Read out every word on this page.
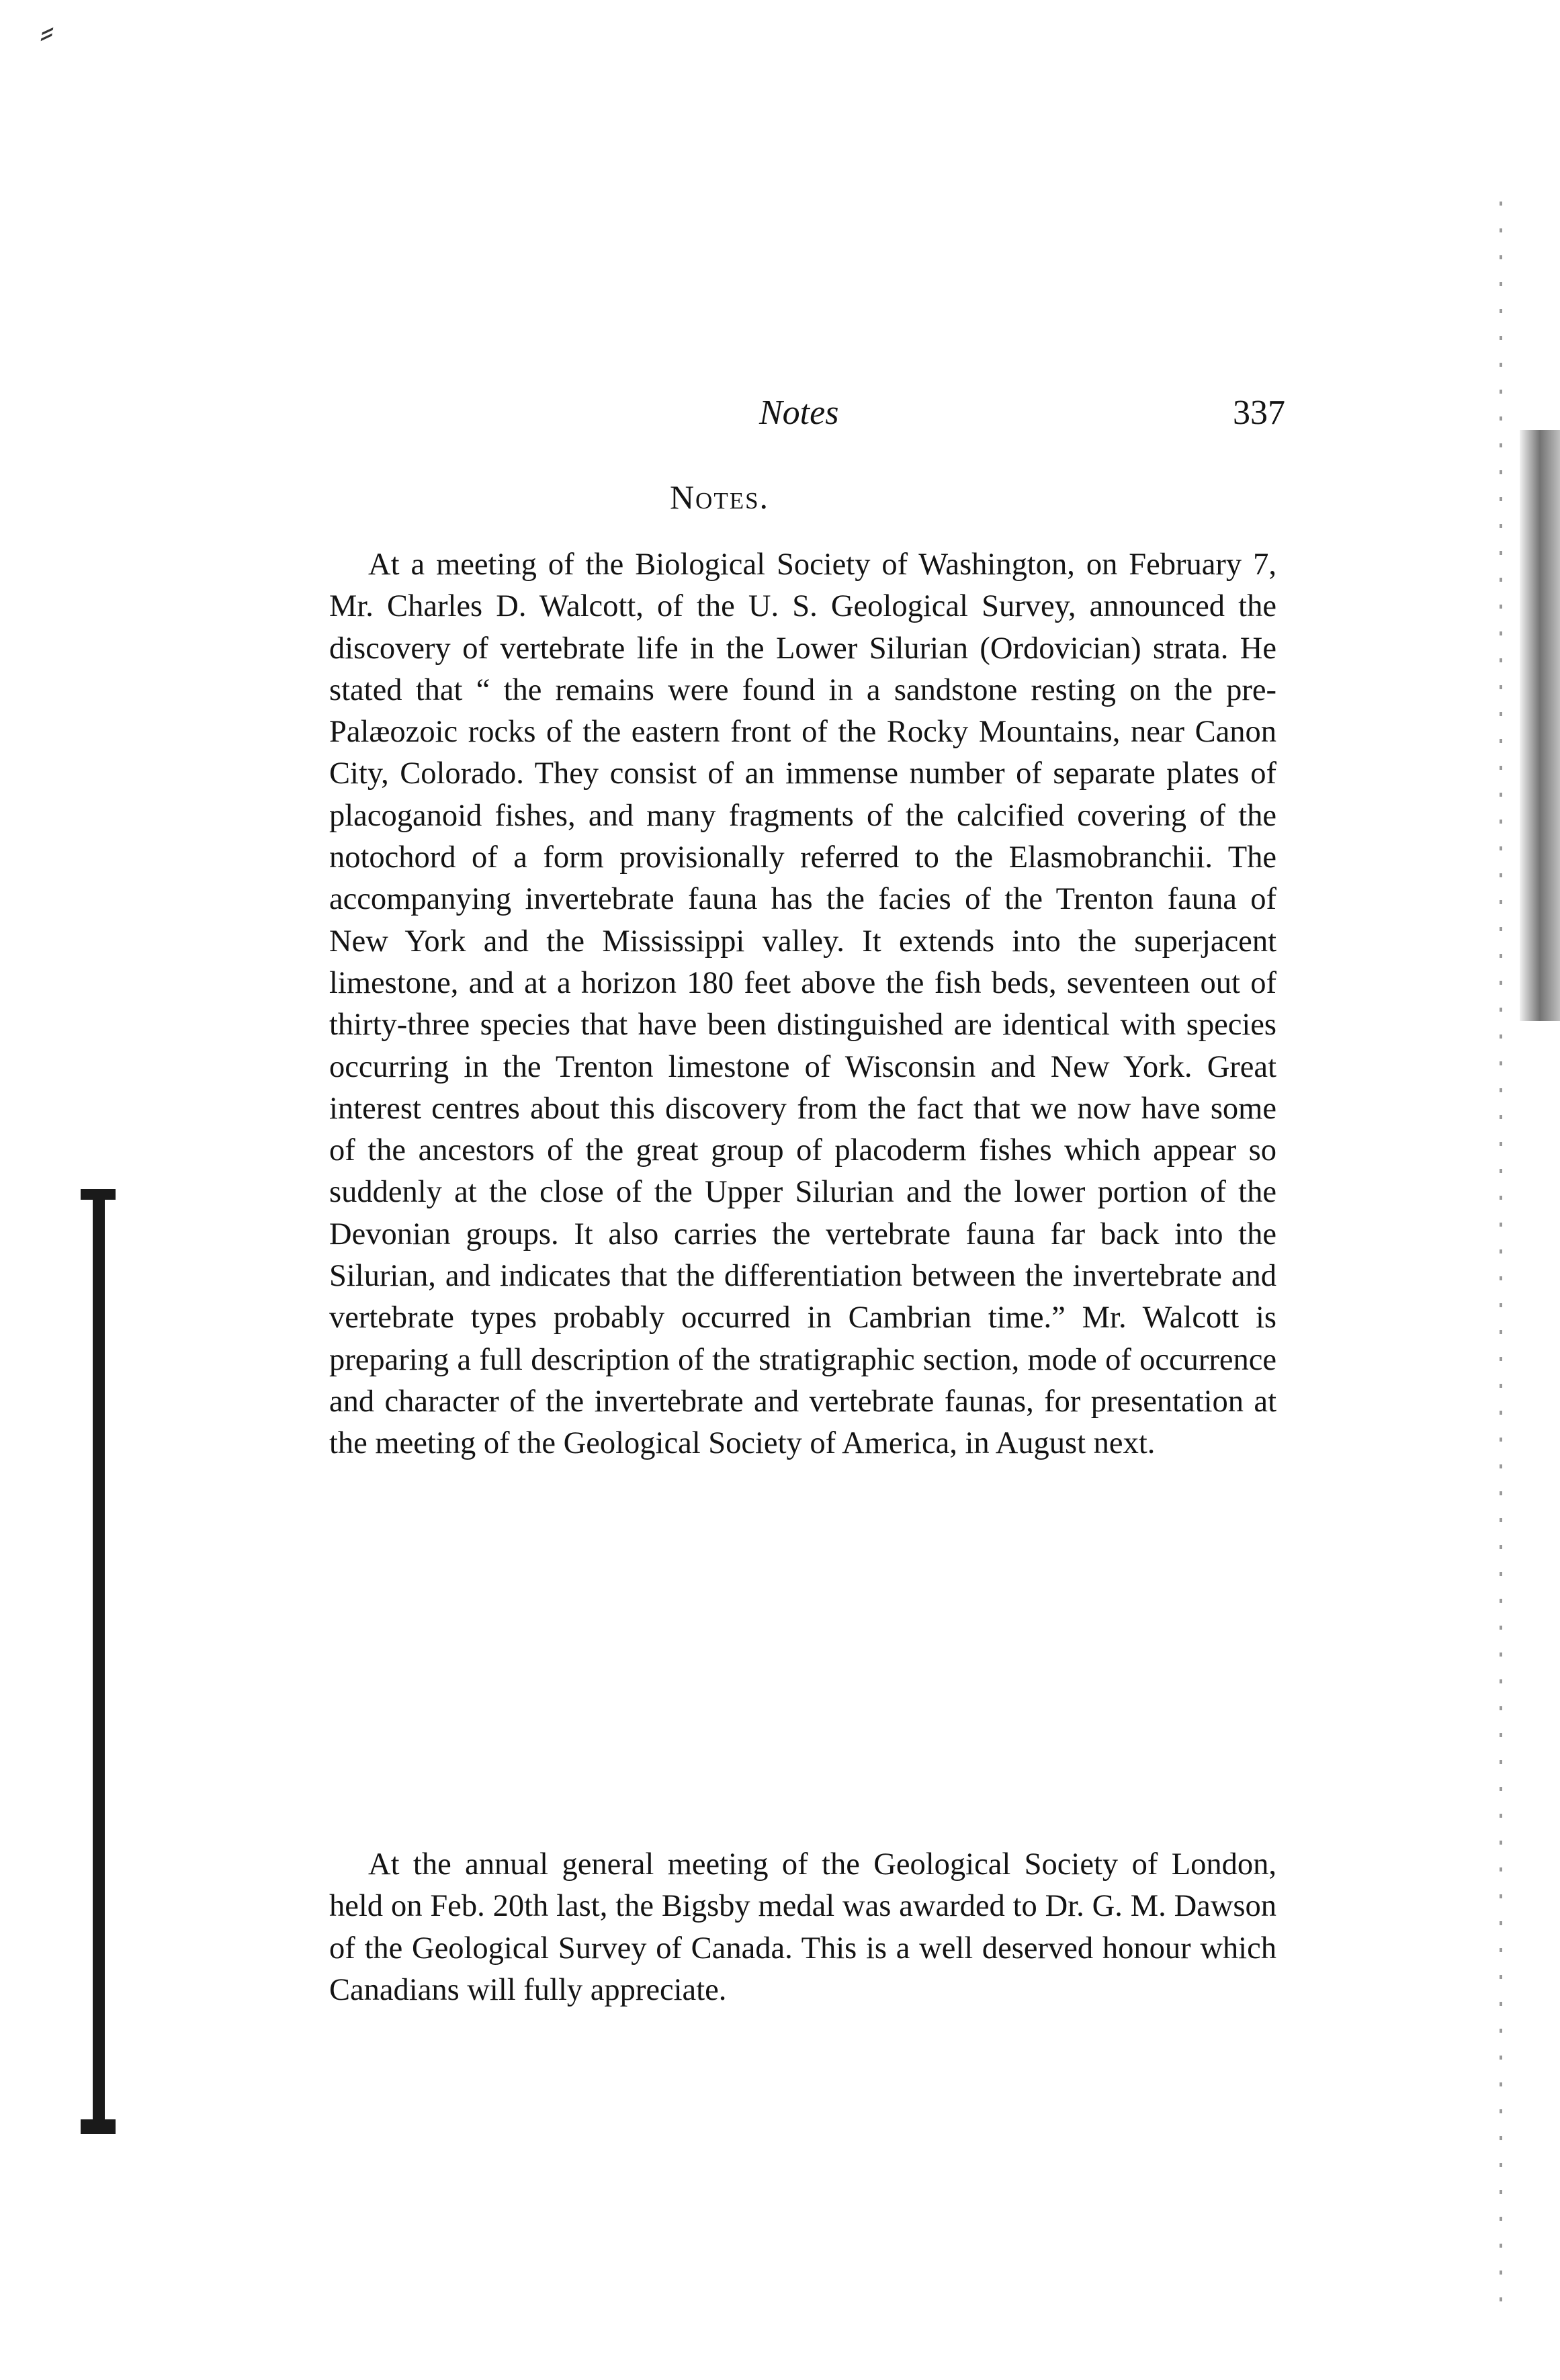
⸗
Notes	337
Notes.

At a meeting of the Biological Society of Washington, on February 7, Mr. Charles D. Walcott, of the U. S. Geological Survey, announced the discovery of vertebrate life in the Lower Silurian (Ordovician) strata. He stated that “ the remains were found in a sandstone resting on the pre-Palæozoic rocks of the eastern front of the Rocky Mountains, near Canon City, Colorado. They consist of an immense number of separate plates of placoganoid fishes, and many fragments of the calcified covering of the notochord of a form provisionally referred to the Elasmobranchii. The accompanying invertebrate fauna has the facies of the Trenton fauna of New York and the Mississippi valley. It extends into the superjacent limestone, and at a horizon 180 feet above the fish beds, seventeen out of thirty-three species that have been distinguished are identical with species occurring in the Trenton limestone of Wisconsin and New York. Great interest centres about this discovery from the fact that we now have some of the ancestors of the great group of placoderm fishes which appear so suddenly at the close of the Upper Silurian and the lower portion of the Devonian groups. It also carries the vertebrate fauna far back into the Silurian, and indicates that the differentiation between the invertebrate and vertebrate types probably occurred in Cambrian time.” Mr. Walcott is preparing a full description of the stratigraphic section, mode of occurrence and character of the invertebrate and vertebrate faunas, for presentation at the meeting of the Geological Society of America, in August next.

At the annual general meeting of the Geological Society of London, held on Feb. 20th last, the Bigsby medal was awarded to Dr. G. M. Dawson of the Geological Survey of Canada. This is a well deserved honour which Canadians will fully appreciate.
